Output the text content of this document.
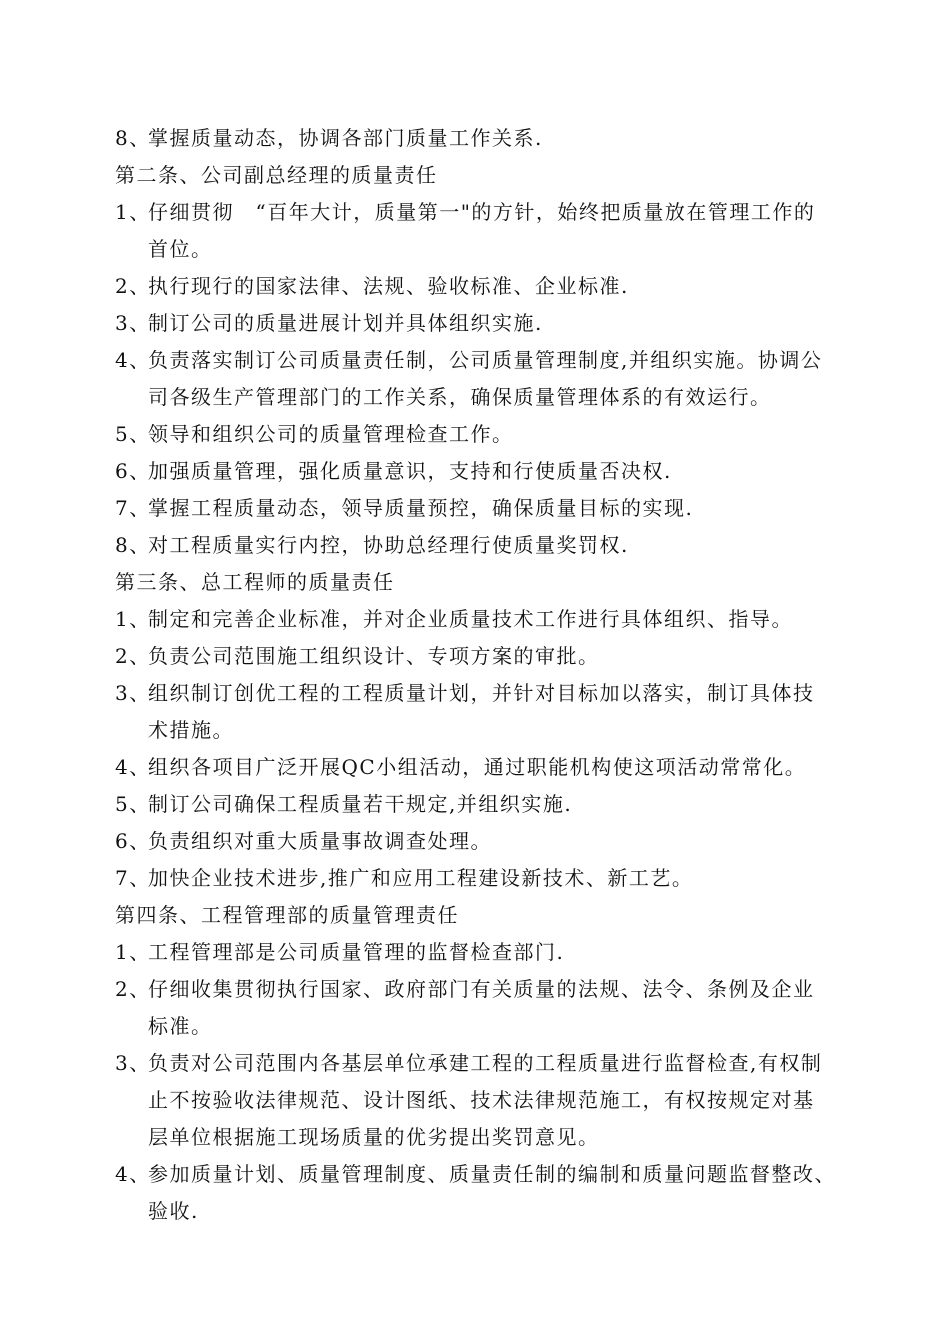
8、掌握质量动态，协调各部门质量工作关系.
第二条、公司副总经理的质量责任
1、仔细贯彻　“百年大计，质量第一"的方针，始终把质量放在管理工作的
首位。
2、执行现行的国家法律、法规、验收标准、企业标准.
3、制订公司的质量进展计划并具体组织实施.
4、负责落实制订公司质量责任制，公司质量管理制度,并组织实施。协调公
司各级生产管理部门的工作关系，确保质量管理体系的有效运行。
5、领导和组织公司的质量管理检查工作。
6、加强质量管理，强化质量意识，支持和行使质量否决权.
7、掌握工程质量动态，领导质量预控，确保质量目标的实现.
8、对工程质量实行内控，协助总经理行使质量奖罚权.
第三条、总工程师的质量责任
1、制定和完善企业标准，并对企业质量技术工作进行具体组织、指导。
2、负责公司范围施工组织设计、专项方案的审批。
3、组织制订创优工程的工程质量计划，并针对目标加以落实，制订具体技
术措施。
4、组织各项目广泛开展QC小组活动，通过职能机构使这项活动常常化。
5、制订公司确保工程质量若干规定,并组织实施.
6、负责组织对重大质量事故调查处理。
7、加快企业技术进步,推广和应用工程建设新技术、新工艺。
第四条、工程管理部的质量管理责任
1、工程管理部是公司质量管理的监督检查部门.
2、仔细收集贯彻执行国家、政府部门有关质量的法规、法令、条例及企业
标准。
3、负责对公司范围内各基层单位承建工程的工程质量进行监督检查,有权制
止不按验收法律规范、设计图纸、技术法律规范施工，有权按规定对基
层单位根据施工现场质量的优劣提出奖罚意见。
4、参加质量计划、质量管理制度、质量责任制的编制和质量问题监督整改、
验收.
